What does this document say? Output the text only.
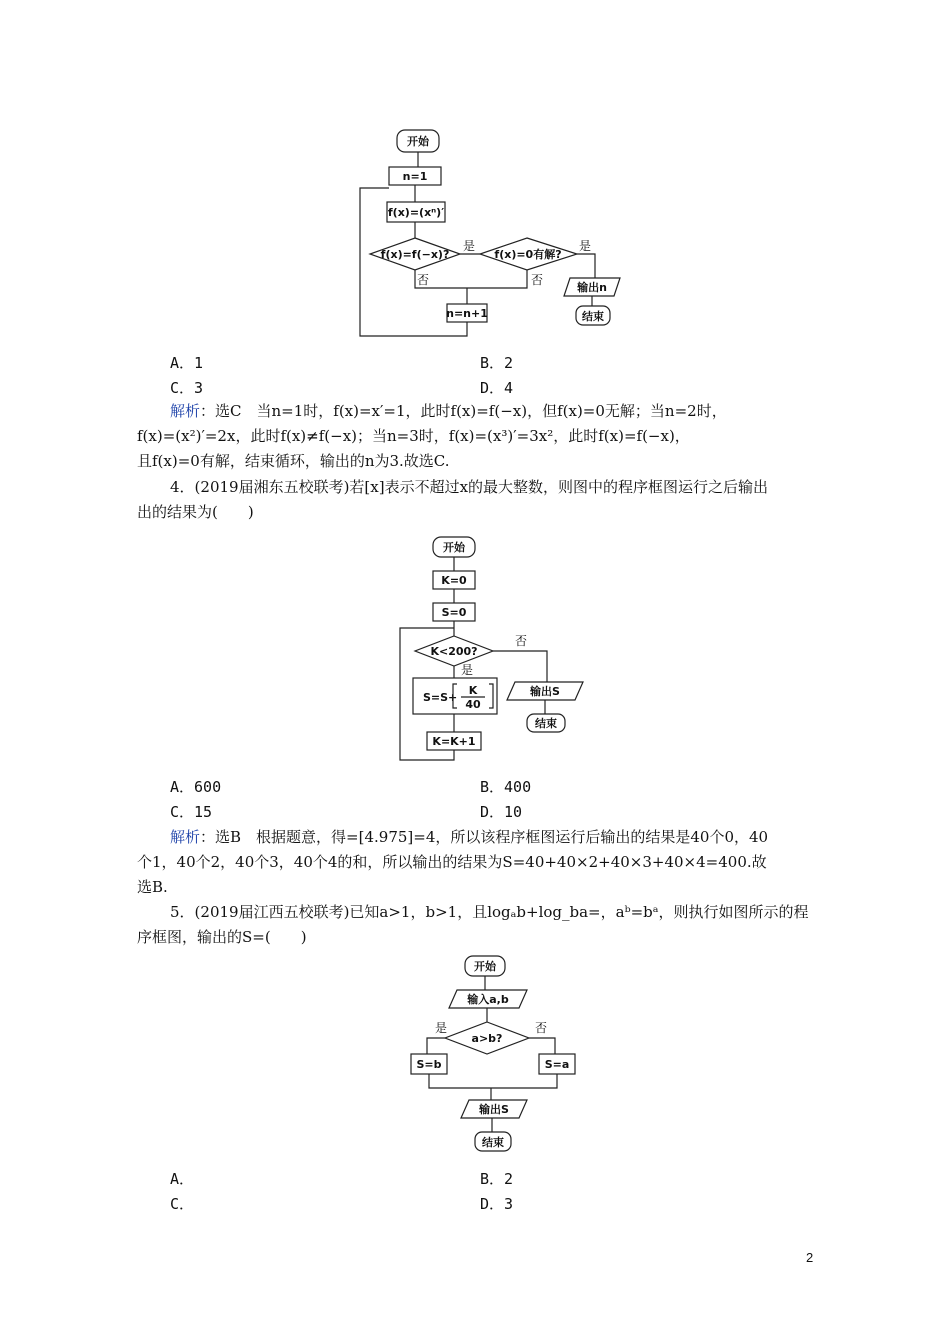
开始
n=1
f(x)=(xⁿ)′
f(x)=f(−x)?
是
f(x)=0有解?
是
否	否
n=n+1
输出n
结束
A．1	B．2
C．3	D．4
解析：选C　当n=1时，f(x)=x′=1，此时f(x)=f(−x)，但f(x)=0无解；当n=2时，
f(x)=(x²)′=2x，此时f(x)≠f(−x)；当n=3时，f(x)=(x³)′=3x²，此时f(x)=f(−x)，
且f(x)=0有解，结束循环，输出的n为3.故选C.
4．(2019届湘东五校联考)若[x]表示不超过x的最大整数，则图中的程序框图运行之后输出
出的结果为(　　)
开始
K=0
S=0
K<200?
否
是
S=S+
K
40
K=K+1
输出S
结束
A．600	B．400
C．15	D．10
解析：选B　根据题意，得=[4.975]=4，所以该程序框图运行后输出的结果是40个0，40
个1，40个2，40个3，40个4的和，所以输出的结果为S=40+40×2+40×3+40×4=400.故
选B.
5．(2019届江西五校联考)已知a>1，b>1，且logₐb+log_ba=，aᵇ=bᵃ，则执行如图所示的程
序框图，输出的S=(　　)
开始
输入a,b
a>b?
是	否
S=b	S=a
输出S
结束
A．	B．2
C．	D．3
2
